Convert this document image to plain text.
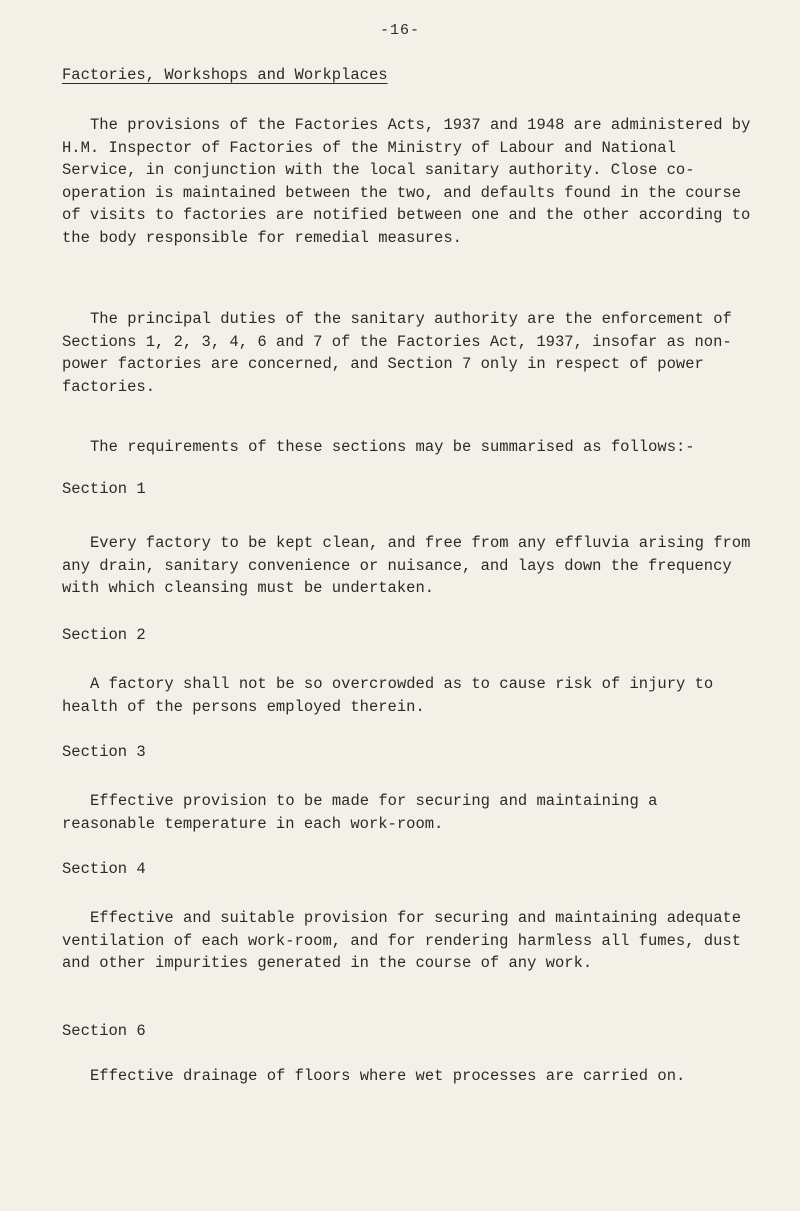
-16-
Factories, Workshops and Workplaces

The provisions of the Factories Acts, 1937 and 1948 are administered by H.M. Inspector of Factories of the Ministry of Labour and National Service, in conjunction with the local sanitary authority. Close co-operation is maintained between the two, and defaults found in the course of visits to factories are notified between one and the other according to the body responsible for remedial measures.

The principal duties of the sanitary authority are the enforcement of Sections 1, 2, 3, 4, 6 and 7 of the Factories Act, 1937, insofar as non-power factories are concerned, and Section 7 only in respect of power factories.

The requirements of these sections may be summarised as follows:-

Section 1

Every factory to be kept clean, and free from any effluvia arising from any drain, sanitary convenience or nuisance, and lays down the frequency with which cleansing must be undertaken.

Section 2

A factory shall not be so overcrowded as to cause risk of injury to health of the persons employed therein.

Section 3

Effective provision to be made for securing and maintaining a reasonable temperature in each work-room.

Section 4

Effective and suitable provision for securing and maintaining adequate ventilation of each work-room, and for rendering harmless all fumes, dust and other impurities generated in the course of any work.

Section 6

Effective drainage of floors where wet processes are carried on.
